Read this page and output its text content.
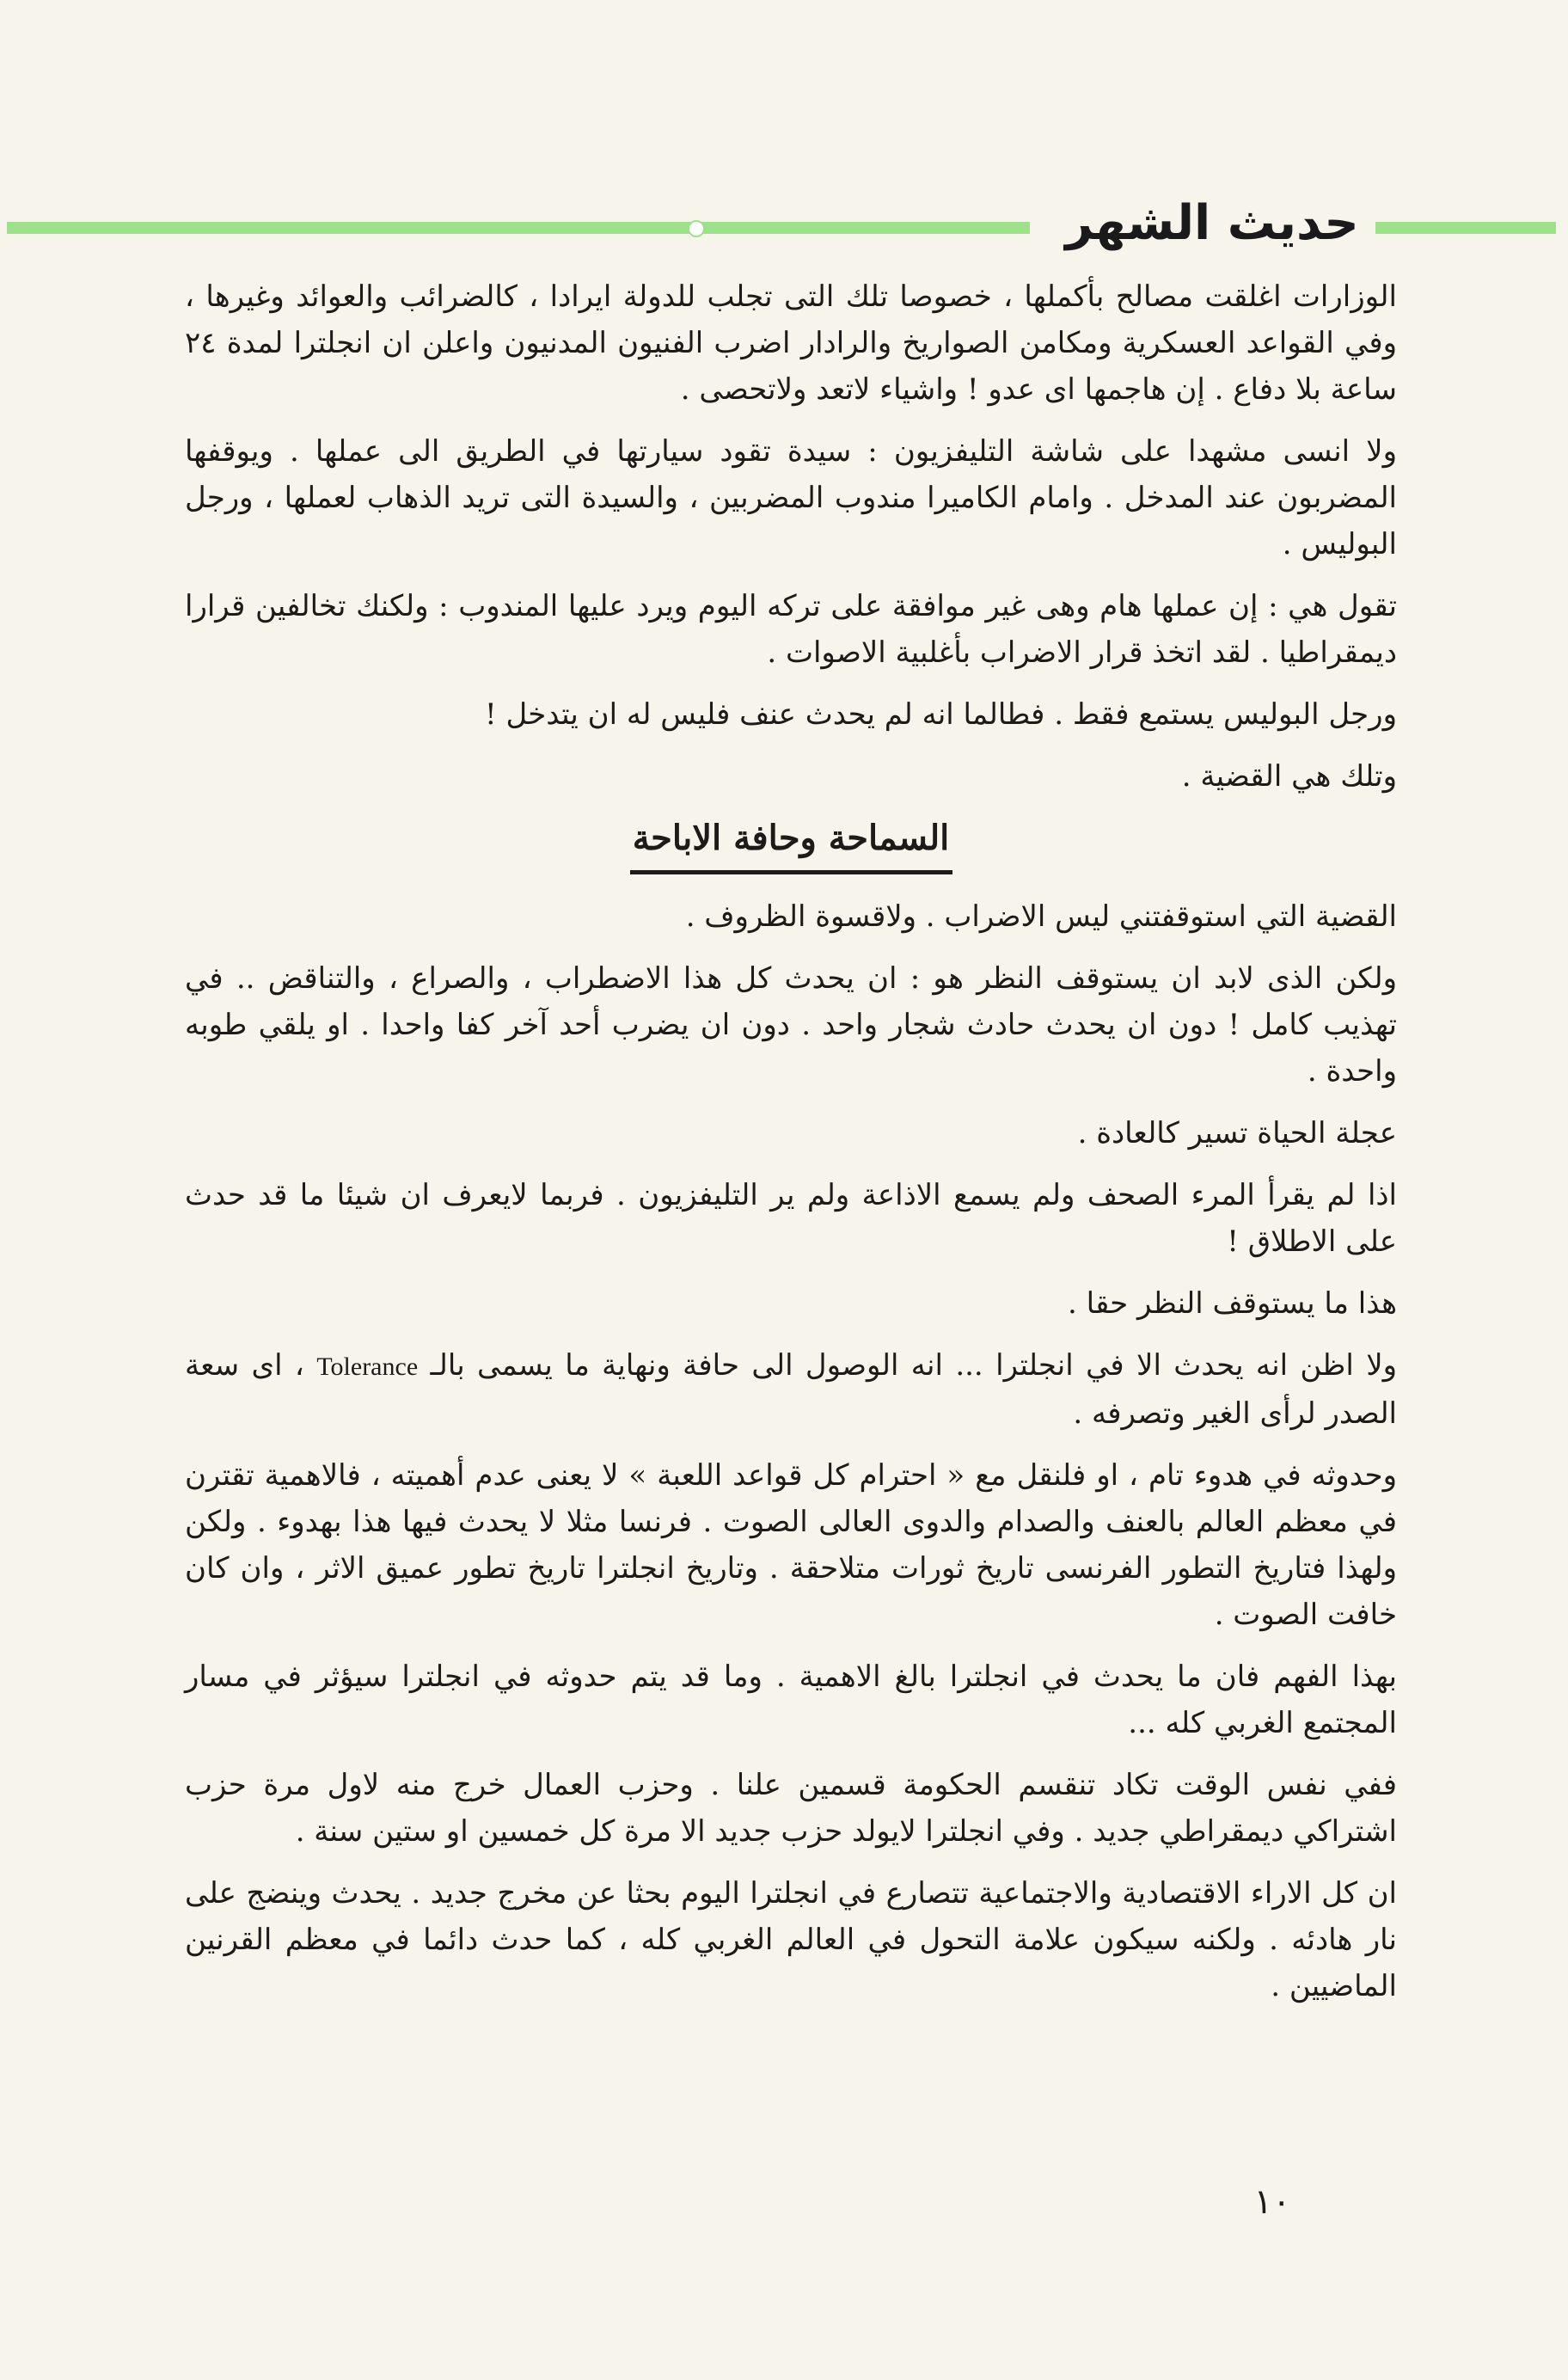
حديث الشهر

الوزارات اغلقت مصالح بأكملها ، خصوصا تلك التى تجلب للدولة ايرادا ، كالضرائب والعوائد وغيرها ، وفي القواعد العسكرية ومكامن الصواريخ والرادار اضرب الفنيون المدنيون واعلن ان انجلترا لمدة ٢٤ ساعة بلا دفاع . إن هاجمها اى عدو ! واشياء لاتعد ولاتحصى .

ولا انسى مشهدا على شاشة التليفزيون : سيدة تقود سيارتها في الطريق الى عملها . ويوقفها المضربون عند المدخل . وامام الكاميرا مندوب المضربين ، والسيدة التى تريد الذهاب لعملها ، ورجل البوليس .

تقول هي : إن عملها هام وهى غير موافقة على تركه اليوم ويرد عليها المندوب : ولكنك تخالفين قرارا ديمقراطيا . لقد اتخذ قرار الاضراب بأغلبية الاصوات .

ورجل البوليس يستمع فقط . فطالما انه لم يحدث عنف فليس له ان يتدخل !

وتلك هي القضية .

السماحة وحافة الاباحة

القضية التي استوقفتني ليس الاضراب . ولاقسوة الظروف .

ولكن الذى لابد ان يستوقف النظر هو : ان يحدث كل هذا الاضطراب ، والصراع ، والتناقض .. في تهذيب كامل ! دون ان يحدث حادث شجار واحد . دون ان يضرب أحد آخر كفا واحدا . او يلقي طوبه واحدة .

عجلة الحياة تسير كالعادة .

اذا لم يقرأ المرء الصحف ولم يسمع الاذاعة ولم ير التليفزيون . فربما لايعرف ان شيئا ما قد حدث على الاطلاق !

هذا ما يستوقف النظر حقا .

ولا اظن انه يحدث الا في انجلترا ... انه الوصول الى حافة ونهاية ما يسمى بالـ Tolerance ، اى سعة الصدر لرأى الغير وتصرفه .

وحدوثه في هدوء تام ، او فلنقل مع « احترام كل قواعد اللعبة » لا يعنى عدم أهميته ، فالاهمية تقترن في معظم العالم بالعنف والصدام والدوى العالى الصوت . فرنسا مثلا لا يحدث فيها هذا بهدوء . ولكن ولهذا فتاريخ التطور الفرنسى تاريخ ثورات متلاحقة . وتاريخ انجلترا تاريخ تطور عميق الاثر ، وان كان خافت الصوت .

بهذا الفهم فان ما يحدث في انجلترا بالغ الاهمية . وما قد يتم حدوثه في انجلترا سيؤثر في مسار المجتمع الغربي كله ...

ففي نفس الوقت تكاد تنقسم الحكومة قسمين علنا . وحزب العمال خرج منه لاول مرة حزب اشتراكي ديمقراطي جديد . وفي انجلترا لايولد حزب جديد الا مرة كل خمسين او ستين سنة .

ان كل الاراء الاقتصادية والاجتماعية تتصارع في انجلترا اليوم بحثا عن مخرج جديد . يحدث وينضج على نار هادئه . ولكنه سيكون علامة التحول في العالم الغربي كله ، كما حدث دائما في معظم القرنين الماضيين .

١٠
